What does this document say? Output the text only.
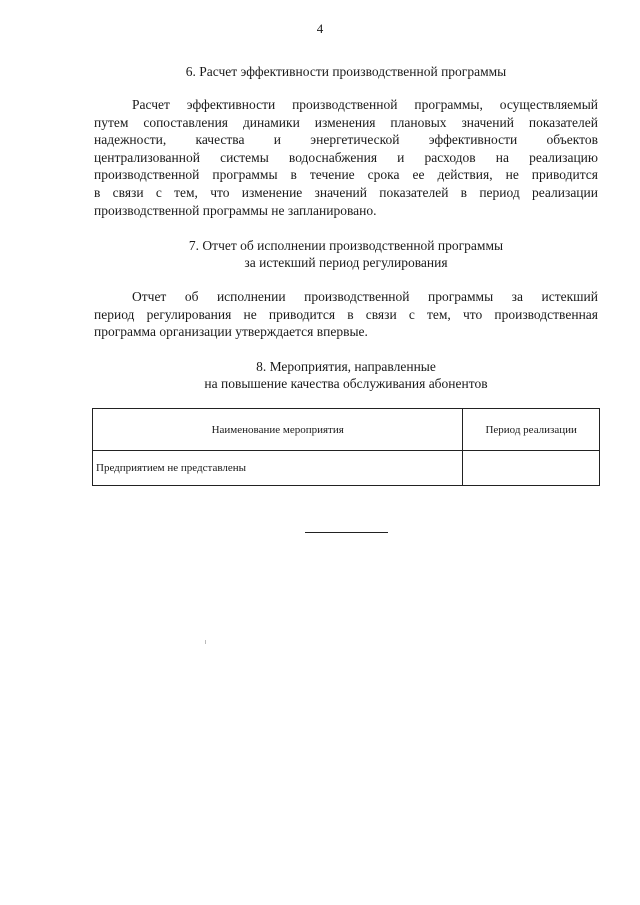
4
6. Расчет эффективности производственной программы
Расчет эффективности производственной программы, осуществляемый
путем сопоставления динамики изменения плановых значений показателей
надежности, качества и энергетической эффективности объектов
централизованной системы водоснабжения и расходов на реализацию
производственной программы в течение срока ее действия, не приводится
в связи с тем, что изменение значений показателей в период реализации
производственной программы не запланировано.
7. Отчет об исполнении производственной программы
за истекший период регулирования
Отчет об исполнении производственной программы за истекший
период регулирования не приводится в связи с тем, что производственная
программа организации утверждается впервые.
8. Мероприятия, направленные
на повышение качества обслуживания абонентов
Наименование мероприятия	Период реализации
Предприятием не представлены	
